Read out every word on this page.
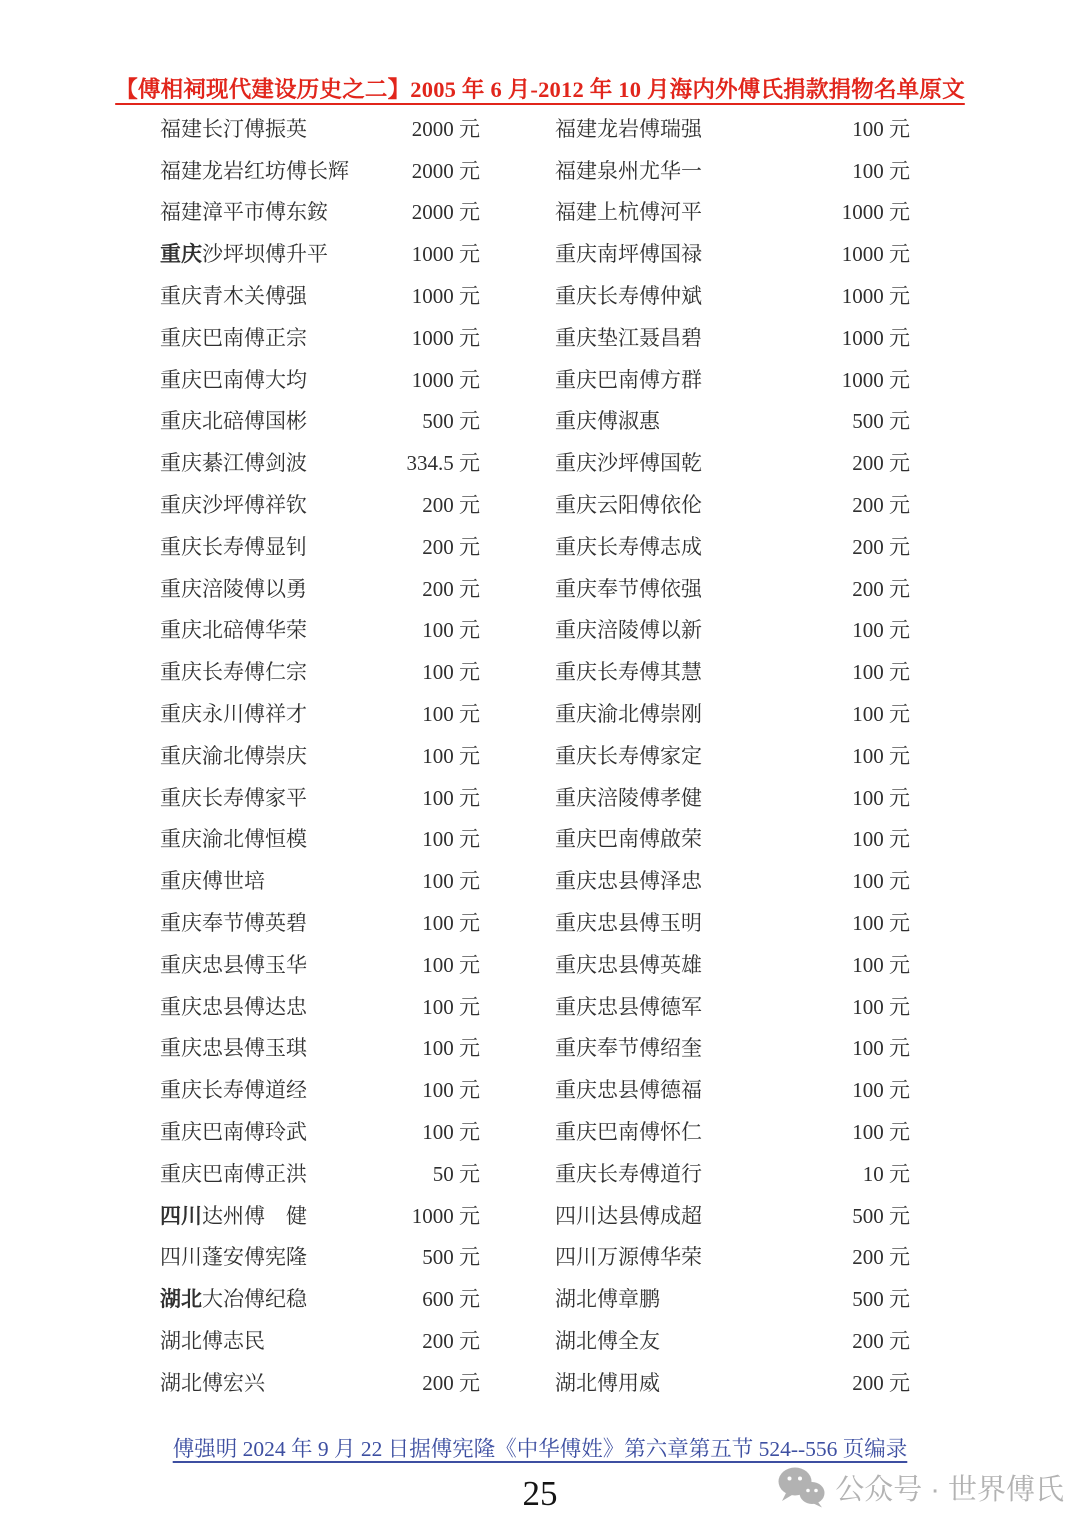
【傅相祠现代建设历史之二】2005 年 6 月-2012 年 10 月海内外傅氏捐款捐物名单原文
福建长汀傅振英	2000 元	福建龙岩傅瑞强	100 元
福建龙岩红坊傅长辉	2000 元	福建泉州尤华一	100 元
福建漳平市傅东銨	2000 元	福建上杭傅河平	1000 元
重庆沙坪坝傅升平	1000 元	重庆南坪傅国禄	1000 元
重庆青木关傅强	1000 元	重庆长寿傅仲斌	1000 元
重庆巴南傅正宗	1000 元	重庆垫江聂昌碧	1000 元
重庆巴南傅大均	1000 元	重庆巴南傅方群	1000 元
重庆北碚傅国彬	500 元	重庆傅淑惠	500 元
重庆綦江傅剑波	334.5 元	重庆沙坪傅国乾	200 元
重庆沙坪傅祥钦	200 元	重庆云阳傅依伦	200 元
重庆长寿傅显钊	200 元	重庆长寿傅志成	200 元
重庆涪陵傅以勇	200 元	重庆奉节傅依强	200 元
重庆北碚傅华荣	100 元	重庆涪陵傅以新	100 元
重庆长寿傅仁宗	100 元	重庆长寿傅其慧	100 元
重庆永川傅祥才	100 元	重庆渝北傅崇刚	100 元
重庆渝北傅崇庆	100 元	重庆长寿傅家定	100 元
重庆长寿傅家平	100 元	重庆涪陵傅孝健	100 元
重庆渝北傅恒模	100 元	重庆巴南傅啟荣	100 元
重庆傅世培	100 元	重庆忠县傅泽忠	100 元
重庆奉节傅英碧	100 元	重庆忠县傅玉明	100 元
重庆忠县傅玉华	100 元	重庆忠县傅英雄	100 元
重庆忠县傅达忠	100 元	重庆忠县傅德军	100 元
重庆忠县傅玉琪	100 元	重庆奉节傅绍奎	100 元
重庆长寿傅道经	100 元	重庆忠县傅德福	100 元
重庆巴南傅玲武	100 元	重庆巴南傅怀仁	100 元
重庆巴南傅正洪	50 元	重庆长寿傅道行	10 元
四川达州傅　健	1000 元	四川达县傅成超	500 元
四川蓬安傅宪隆	500 元	四川万源傅华荣	200 元
湖北大冶傅纪稳	600 元	湖北傅章鹏	500 元
湖北傅志民	200 元	湖北傅全友	200 元
湖北傅宏兴	200 元	湖北傅用威	200 元
傅强明 2024 年 9 月 22 日据傅宪隆《中华傅姓》第六章第五节 524--556 页编录
25	公众号 · 世界傅氏
